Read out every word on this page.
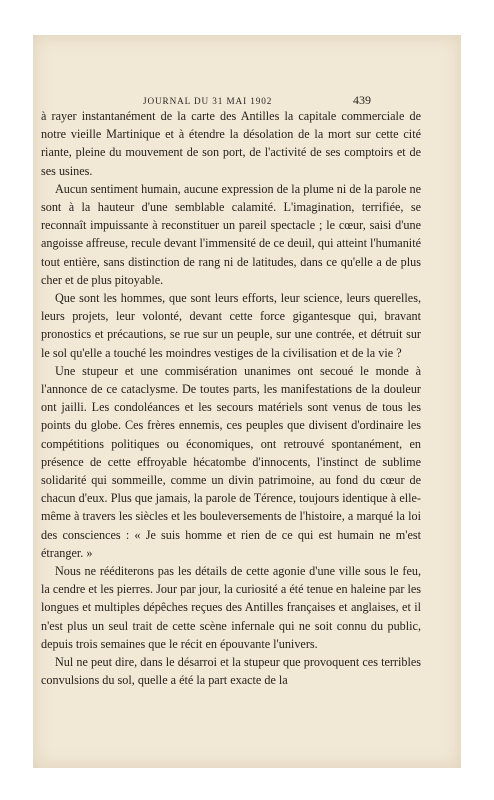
JOURNAL DU 31 MAI 1902	439

à rayer instantanément de la carte des Antilles la capitale commerciale de notre vieille Martinique et à étendre la désolation de la mort sur cette cité riante, pleine du mouvement de son port, de l'activité de ses comptoirs et de ses usines.

Aucun sentiment humain, aucune expression de la plume ni de la parole ne sont à la hauteur d'une semblable calamité. L'imagination, terrifiée, se reconnaît impuissante à reconstituer un pareil spectacle ; le cœur, saisi d'une angoisse affreuse, recule devant l'immensité de ce deuil, qui atteint l'humanité tout entière, sans distinction de rang ni de latitudes, dans ce qu'elle a de plus cher et de plus pitoyable.

Que sont les hommes, que sont leurs efforts, leur science, leurs querelles, leurs projets, leur volonté, devant cette force gigantesque qui, bravant pronostics et précautions, se rue sur un peuple, sur une contrée, et détruit sur le sol qu'elle a touché les moindres vestiges de la civilisation et de la vie ?

Une stupeur et une commisération unanimes ont secoué le monde à l'annonce de ce cataclysme. De toutes parts, les manifestations de la douleur ont jailli. Les condoléances et les secours matériels sont venus de tous les points du globe. Ces frères ennemis, ces peuples que divisent d'ordinaire les compétitions politiques ou économiques, ont retrouvé spontanément, en présence de cette effroyable hécatombe d'innocents, l'instinct de sublime solidarité qui sommeille, comme un divin patrimoine, au fond du cœur de chacun d'eux. Plus que jamais, la parole de Térence, toujours identique à elle-même à travers les siècles et les bouleversements de l'histoire, a marqué la loi des consciences : « Je suis homme et rien de ce qui est humain ne m'est étranger. »

Nous ne rééditerons pas les détails de cette agonie d'une ville sous le feu, la cendre et les pierres. Jour par jour, la curiosité a été tenue en haleine par les longues et multiples dépêches reçues des Antilles françaises et anglaises, et il n'est plus un seul trait de cette scène infernale qui ne soit connu du public, depuis trois semaines que le récit en épouvante l'univers.

Nul ne peut dire, dans le désarroi et la stupeur que provoquent ces terribles convulsions du sol, quelle a été la part exacte de la
